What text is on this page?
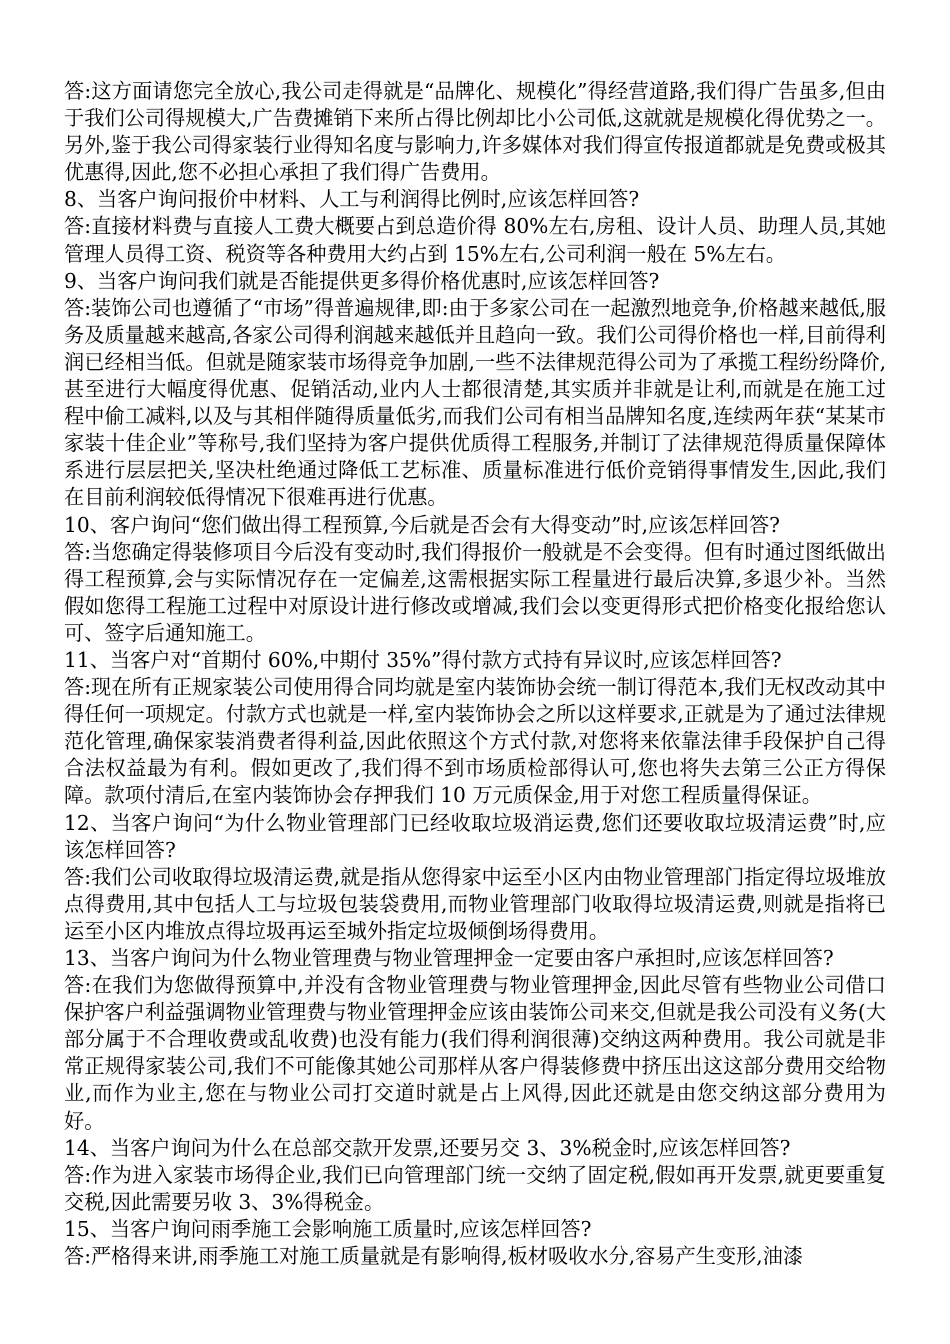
答:这方面请您完全放心,我公司走得就是“品牌化、规模化”得经营道路,我们得广告虽多,但由于我们公司得规模大,广告费摊销下来所占得比例却比小公司低,这就就是规模化得优势之一。另外,鉴于我公司得家装行业得知名度与影响力,许多媒体对我们得宣传报道都就是免费或极其优惠得,因此,您不必担心承担了我们得广告费用。

8、当客户询问报价中材料、人工与利润得比例时,应该怎样回答?

答:直接材料费与直接人工费大概要占到总造价得 80%左右,房租、设计人员、助理人员,其她管理人员得工资、税资等各种费用大约占到 15%左右,公司利润一般在 5%左右。

9、当客户询问我们就是否能提供更多得价格优惠时,应该怎样回答?

答:装饰公司也遵循了“市场”得普遍规律,即:由于多家公司在一起激烈地竞争,价格越来越低,服务及质量越来越高,各家公司得利润越来越低并且趋向一致。我们公司得价格也一样,目前得利润已经相当低。但就是随家装市场得竞争加剧,一些不法律规范得公司为了承揽工程纷纷降价,甚至进行大幅度得优惠、促销活动,业内人士都很清楚,其实质并非就是让利,而就是在施工过程中偷工减料,以及与其相伴随得质量低劣,而我们公司有相当品牌知名度,连续两年获“某某市家装十佳企业”等称号,我们坚持为客户提供优质得工程服务,并制订了法律规范得质量保障体系进行层层把关,坚决杜绝通过降低工艺标准、质量标准进行低价竞销得事情发生,因此,我们在目前利润较低得情况下很难再进行优惠。

10、客户询问“您们做出得工程预算,今后就是否会有大得变动”时,应该怎样回答?

答:当您确定得装修项目今后没有变动时,我们得报价一般就是不会变得。但有时通过图纸做出得工程预算,会与实际情况存在一定偏差,这需根据实际工程量进行最后决算,多退少补。当然假如您得工程施工过程中对原设计进行修改或增减,我们会以变更得形式把价格变化报给您认可、签字后通知施工。

11、当客户对“首期付 60%,中期付 35%”得付款方式持有异议时,应该怎样回答?

答:现在所有正规家装公司使用得合同均就是室内装饰协会统一制订得范本,我们无权改动其中得任何一项规定。付款方式也就是一样,室内装饰协会之所以这样要求,正就是为了通过法律规范化管理,确保家装消费者得利益,因此依照这个方式付款,对您将来依靠法律手段保护自己得合法权益最为有利。假如更改了,我们得不到市场质检部得认可,您也将失去第三公正方得保障。款项付清后,在室内装饰协会存押我们 10 万元质保金,用于对您工程质量得保证。

12、当客户询问“为什么物业管理部门已经收取垃圾消运费,您们还要收取垃圾清运费”时,应该怎样回答?

答:我们公司收取得垃圾清运费,就是指从您得家中运至小区内由物业管理部门指定得垃圾堆放点得费用,其中包括人工与垃圾包装袋费用,而物业管理部门收取得垃圾清运费,则就是指将已运至小区内堆放点得垃圾再运至城外指定垃圾倾倒场得费用。

13、当客户询问为什么物业管理费与物业管理押金一定要由客户承担时,应该怎样回答?

答:在我们为您做得预算中,并没有含物业管理费与物业管理押金,因此尽管有些物业公司借口保护客户利益强调物业管理费与物业管理押金应该由装饰公司来交,但就是我公司没有义务(大部分属于不合理收费或乱收费)也没有能力(我们得利润很薄)交纳这两种费用。我公司就是非常正规得家装公司,我们不可能像其她公司那样从客户得装修费中挤压出这这部分费用交给物业,而作为业主,您在与物业公司打交道时就是占上风得,因此还就是由您交纳这部分费用为好。

14、当客户询问为什么在总部交款开发票,还要另交 3、3%税金时,应该怎样回答?

答:作为进入家装市场得企业,我们已向管理部门统一交纳了固定税,假如再开发票,就更要重复交税,因此需要另收 3、3%得税金。

15、当客户询问雨季施工会影响施工质量时,应该怎样回答?

答:严格得来讲,雨季施工对施工质量就是有影响得,板材吸收水分,容易产生变形,油漆
